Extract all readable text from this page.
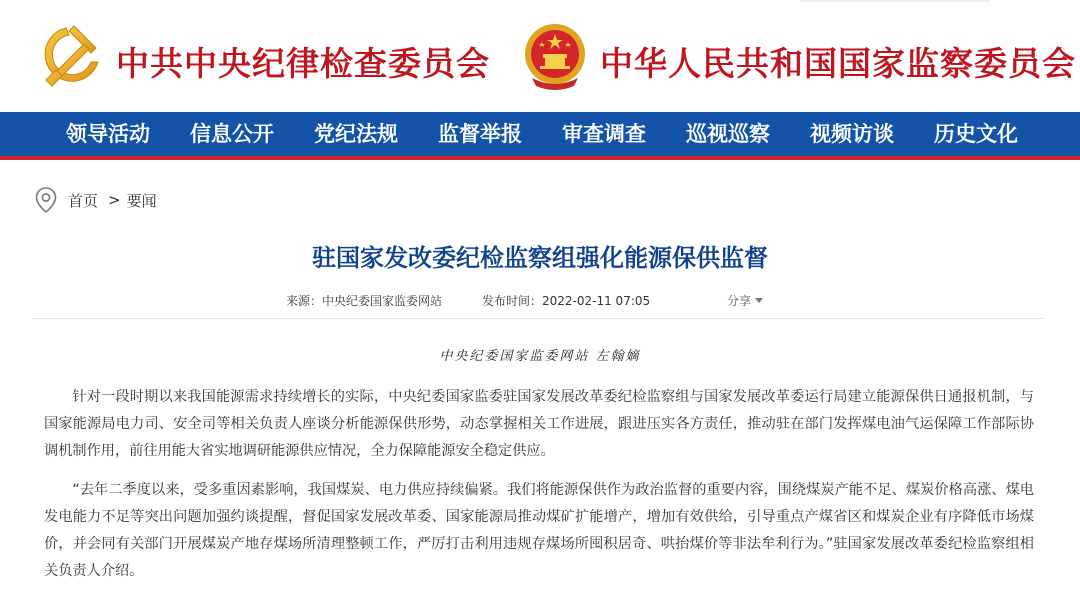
中共中央纪律检查委员会	中华人民共和国国家监察委员会
领导活动	信息公开	党纪法规	监督举报	审查调查	巡视巡察	视频访谈	历史文化
首页 > 要闻
驻国家发改委纪检监察组强化能源保供监督
来源：中央纪委国家监委网站	发布时间：2022-02-11 07:05	分享
中央纪委国家监委网站 左翰嫡

针对一段时期以来我国能源需求持续增长的实际，中央纪委国家监委驻国家发展改革委纪检监察组与国家发展改革委运行局建立能源保供日通报机制，与国家能源局电力司、安全司等相关负责人座谈分析能源保供形势，动态掌握相关工作进展，跟进压实各方责任，推动驻在部门发挥煤电油气运保障工作部际协调机制作用，前往用能大省实地调研能源供应情况，全力保障能源安全稳定供应。

“去年二季度以来，受多重因素影响，我国煤炭、电力供应持续偏紧。我们将能源保供作为政治监督的重要内容，围绕煤炭产能不足、煤炭价格高涨、煤电发电能力不足等突出问题加强约谈提醒，督促国家发展改革委、国家能源局推动煤矿扩能增产，增加有效供给，引导重点产煤省区和煤炭企业有序降低市场煤价，并会同有关部门开展煤炭产地存煤场所清理整顿工作，严厉打击利用违规存煤场所囤积居奇、哄抬煤价等非法牟利行为。”驻国家发展改革委纪检监察组相关负责人介绍。
